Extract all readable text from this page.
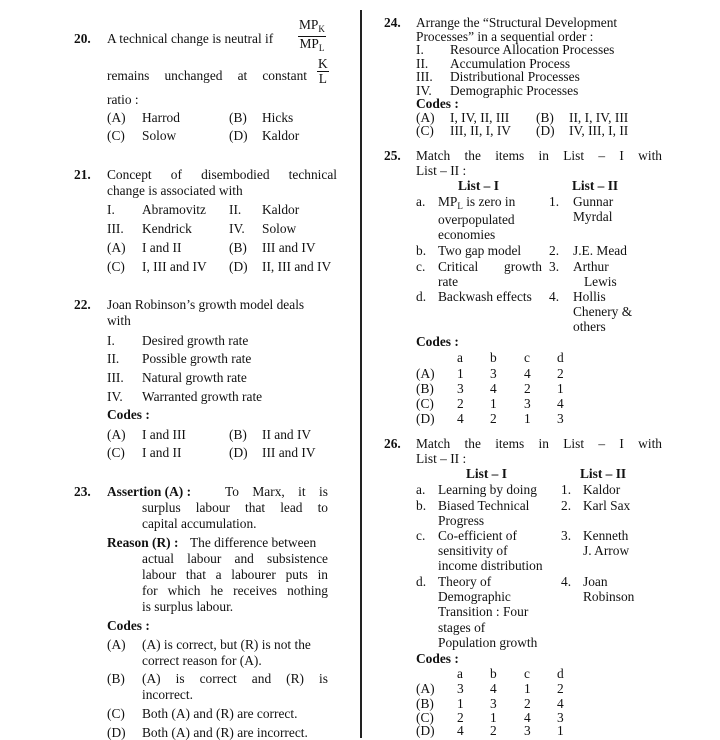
20. A technical change is neutral if
$MP_K$
$MP_L$
remains unchanged at constant $\frac{K}{L}$
ratio :
(A) Harrod	(B) Hicks
(C) Solow	(D) Kaldor
21. Concept of disembodied technical
change is associated with
I. Abramovitz II. Kaldor
III. Kendrick	IV. Solow
(A) I and II	(B) III and IV
(C) I, III and IV (D) II, III and IV
22. Joan Robinson’s growth model deals
with
I. Desired growth rate
II. Possible growth rate
III. Natural growth rate
IV. Warranted growth rate
Codes :
(A) I and III	(B) II and IV
(C) I and II	(D) III and IV
23. Assertion (A) :	To Marx, it is
surplus labour that lead to
capital accumulation.
Reason (R) : The difference between
actual labour and subsistence
labour that a labourer puts in
for which he receives nothing
is surplus labour.
Codes :
(A) (A) is correct, but (R) is not the
correct reason for (A).
(B) (A) is correct and (R) is
incorrect.
(C) Both (A) and (R) are correct.
(D) Both (A) and (R) are incorrect.
24. Arrange the “Structural Development
Processes” in a sequential order :
I. Resource Allocation Processes
II. Accumulation Process
III. Distributional Processes
IV. Demographic Processes
Codes :
(A) I, IV, II, III (B) II, I, IV, III
(C) III, II, I, IV (D) IV, III, I, II
25. Match the items in List – I with
List – II :
List – I	List – II
a. $MP_L$ is zero in
overpopulated
economies
1. Gunnar
Myrdal
b. Two gap model 2. J.E. Mead
c. Critical growth
rate
3. Arthur
Lewis
d. Backwash effects 4. Hollis
Chenery &
others
Codes :
a b c d
(A) 1 3 4 2
(B) 3 4 2 1
(C) 2 1 3 4
(D) 4 2 1 3
26. Match the items in List – I with
List – II :
List – I	List – II
a. Learning by doing 1. Kaldor
b. Biased Technical
Progress
2. Karl Sax
c. Co-efficient of
sensitivity of
income distribution
3. Kenneth
J. Arrow
d. Theory of
Demographic
Transition : Four
stages of
Population growth
4. Joan
Robinson
Codes :
a b c d
(A) 3 4 1 2
(B) 1 3 2 4
(C) 2 1 4 3
(D) 4 2 3 1
